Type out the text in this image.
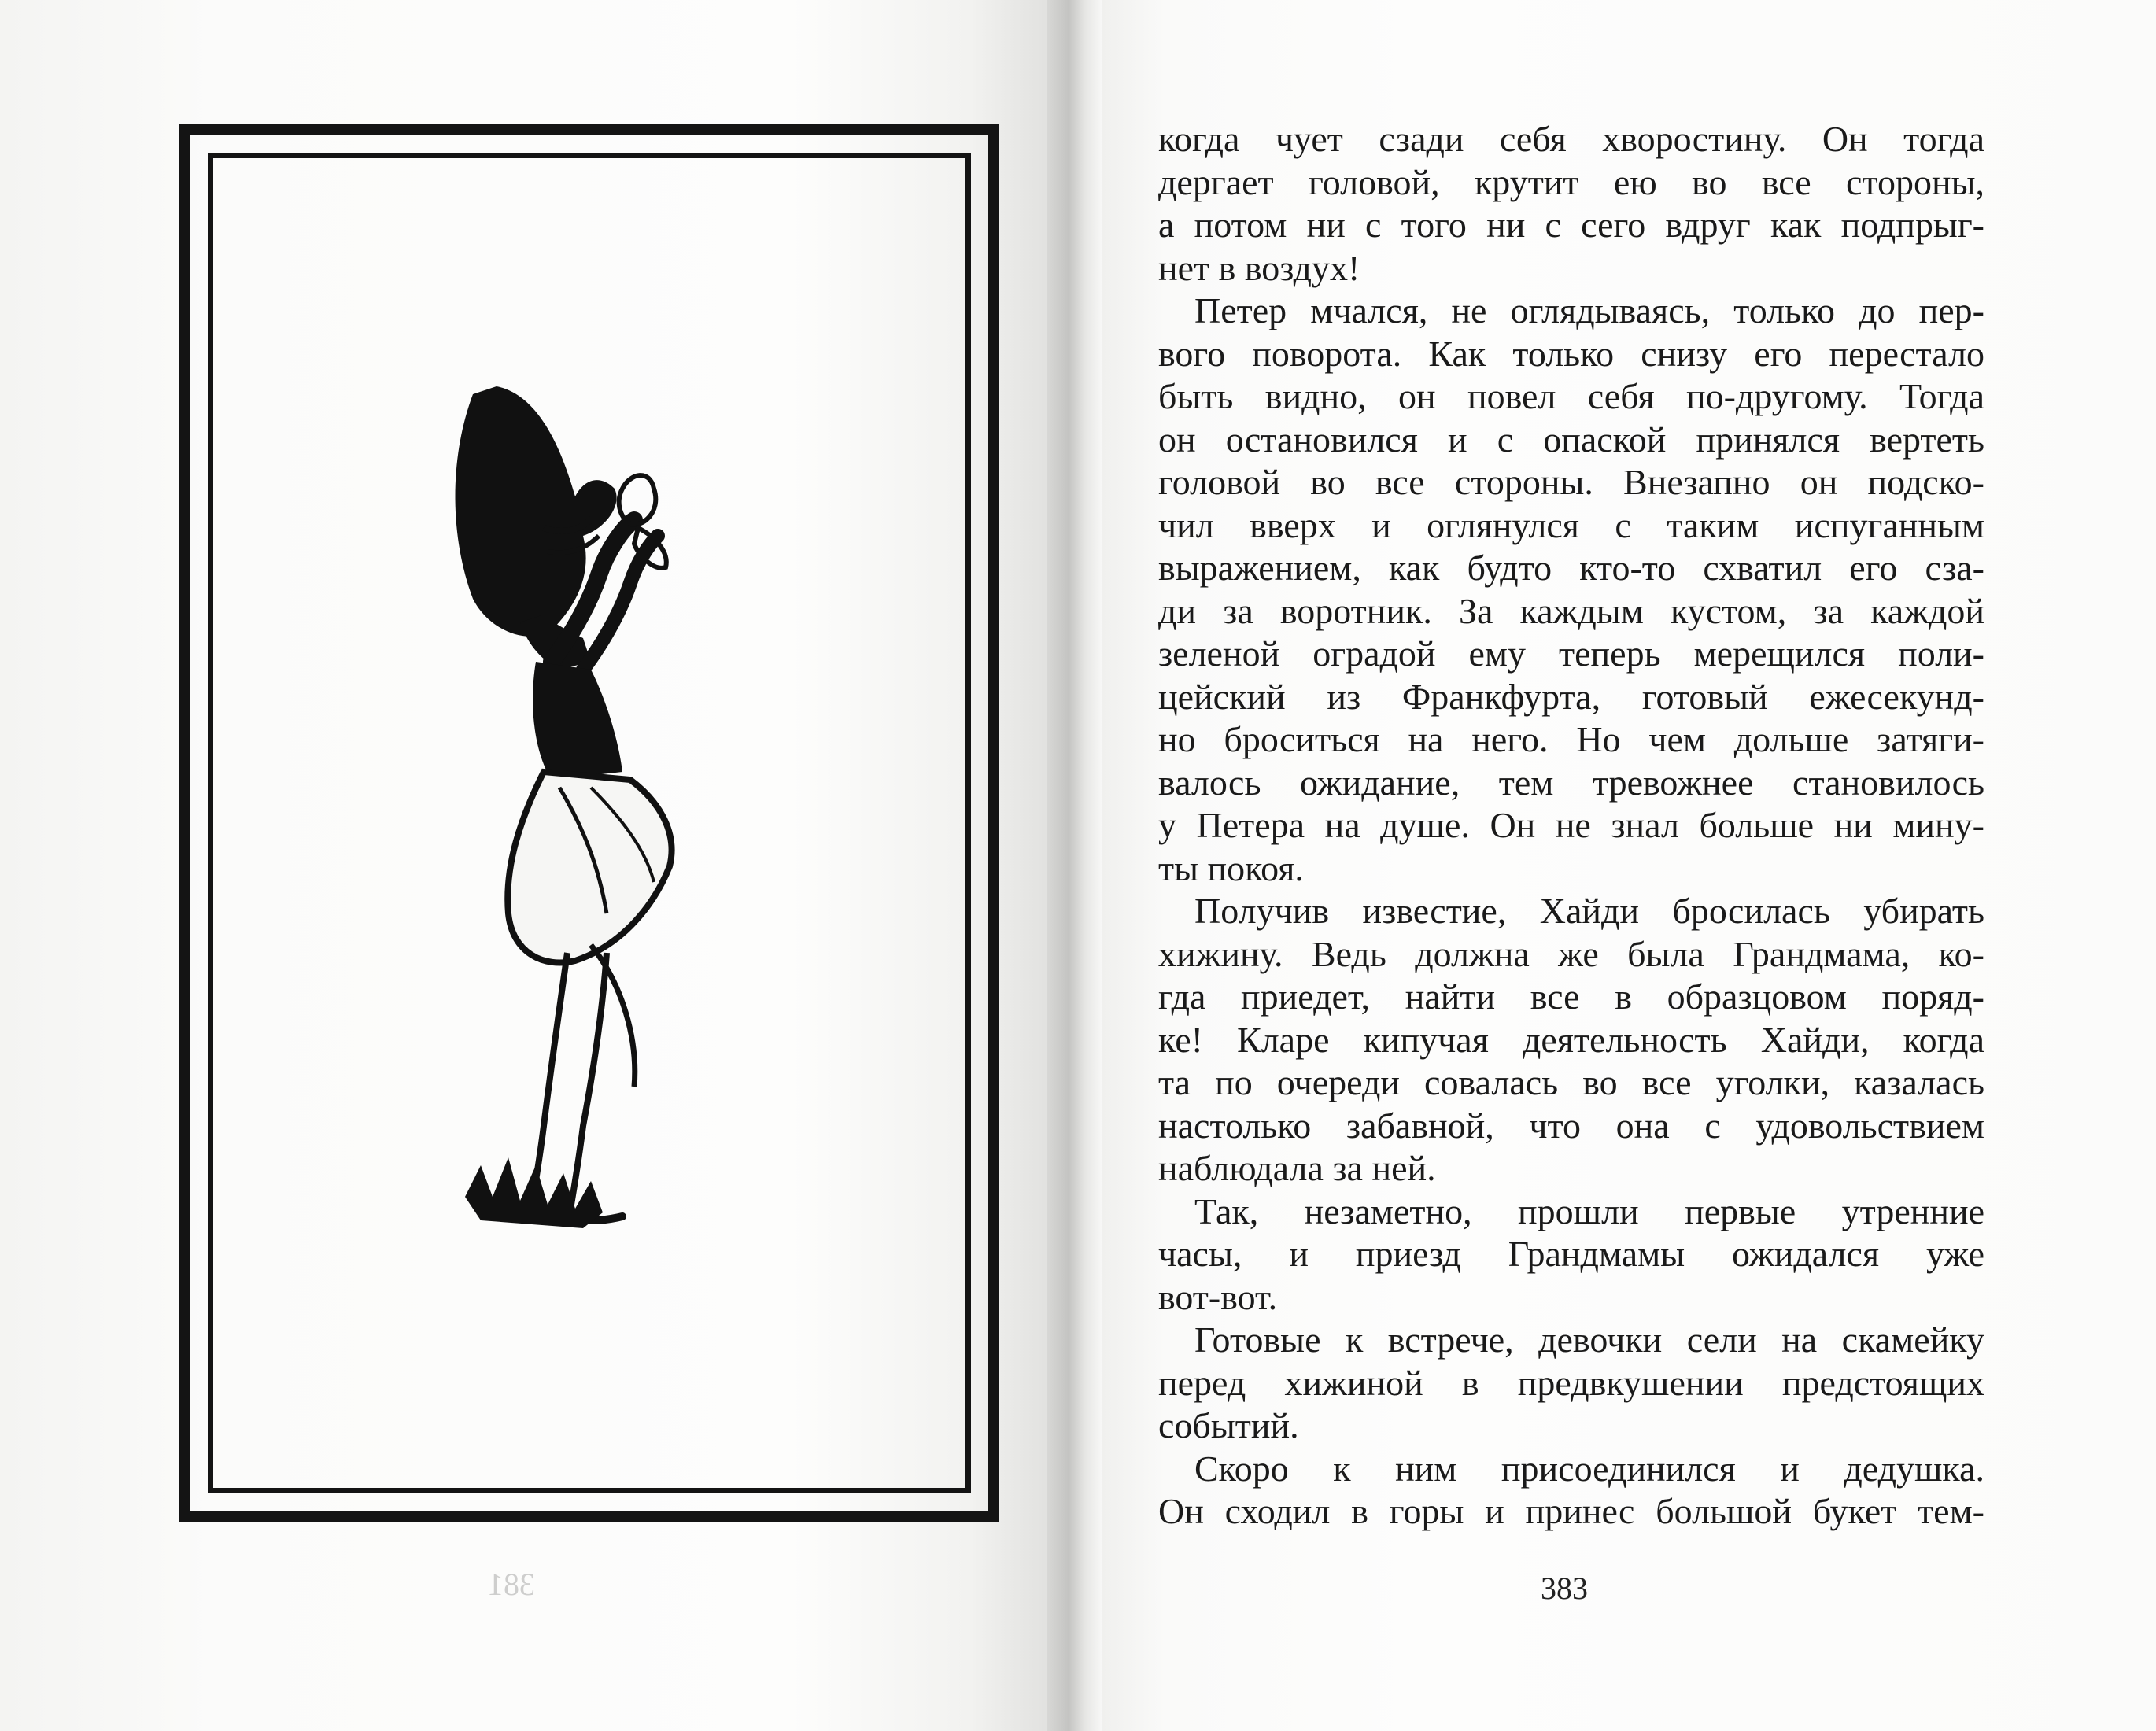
381
когда чует сзади себя хворостину. Он тогда
дергает головой, крутит ею во все стороны,
а потом ни с того ни с сего вдруг как подпрыг-
нет в воздух!
Петер мчался, не оглядываясь, только до пер-
вого поворота. Как только снизу его перестало
быть видно, он повел себя по-другому. Тогда
он остановился и с опаской принялся вертеть
головой во все стороны. Внезапно он подско-
чил вверх и оглянулся с таким испуганным
выражением, как будто кто-то схватил его сза-
ди за воротник. За каждым кустом, за каждой
зеленой оградой ему теперь мерещился поли-
цейский из Франкфурта, готовый ежесекунд-
но броситься на него. Но чем дольше затяги-
валось ожидание, тем тревожнее становилось
у Петера на душе. Он не знал больше ни мину-
ты покоя.
Получив известие, Хайди бросилась убирать
хижину. Ведь должна же была Грандмама, ко-
гда приедет, найти все в образцовом поряд-
ке! Кларе кипучая деятельность Хайди, когда
та по очереди совалась во все уголки, казалась
настолько забавной, что она с удовольствием
наблюдала за ней.
Так, незаметно, прошли первые утренние
часы, и приезд Грандмамы ожидался уже
вот-вот.
Готовые к встрече, девочки сели на скамейку
перед хижиной в предвкушении предстоящих
событий.
Скоро к ним присоединился и дедушка.
Он сходил в горы и принес большой букет тем-
383
